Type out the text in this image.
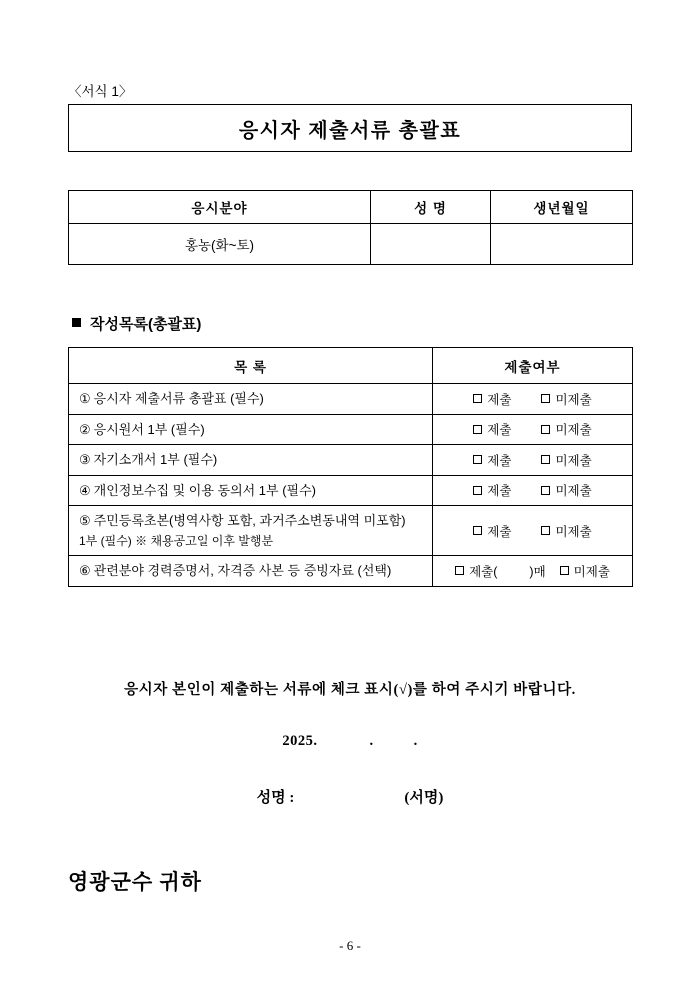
〈서식 1〉
응시자 제출서류 총괄표
응시분야	성 명	생년월일
홍농(화~토)		
작성목록(총괄표)
목 록	제출여부
① 응시자 제출서류 총괄표 (필수)	제출 미제출

② 응시원서 1부 (필수)	제출 미제출

③ 자기소개서 1부 (필수)	제출 미제출

④ 개인정보수집 및 이용 동의서 1부 (필수)	제출 미제출

⑤ 주민등록초본(병역사항 포함, 과거주소변동내역 미포함)
1부 (필수) ※ 채용공고일 이후 발행분	제출 미제출

⑥ 관련분야 경력증명서, 자격증 사본 등 증빙자료 (선택)	제출( )매 미제출
응시자 본인이 제출하는 서류에 체크 표시(√)를 하여 주시기 바랍니다.
2025.	.	.
성명 :	(서명)
영광군수 귀하
- 6 -
